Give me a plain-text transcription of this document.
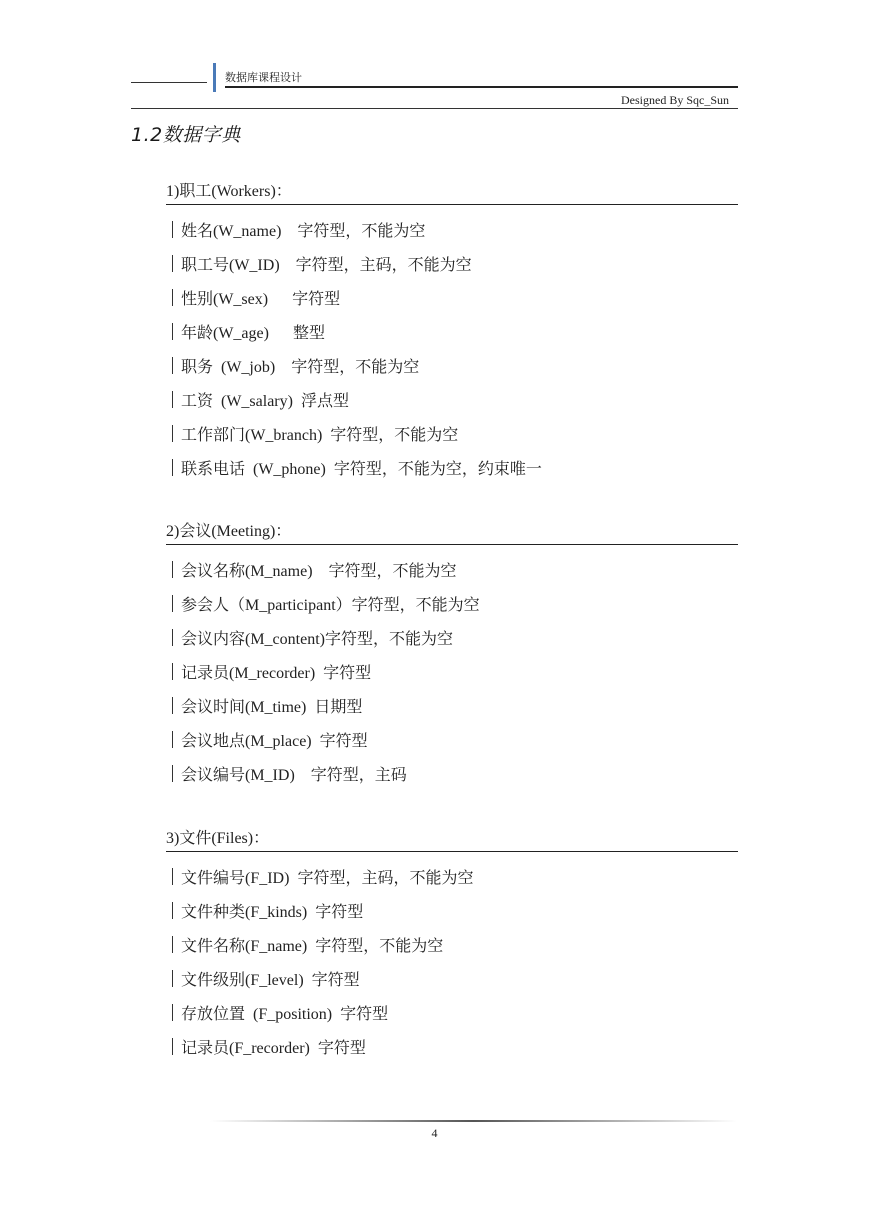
数据库课程设计
Designed By Sqc_Sun
1.2数据字典
1)职工(Workers)：
姓名(W_name)    字符型，不能为空
职工号(W_ID)    字符型，主码，不能为空
性别(W_sex)      字符型
年龄(W_age)      整型
职务  (W_job)    字符型，不能为空
工资  (W_salary)  浮点型
工作部门(W_branch)  字符型，不能为空
联系电话  (W_phone)  字符型，不能为空，约束唯一
2)会议(Meeting)：
会议名称(M_name)    字符型，不能为空
参会人（M_participant）字符型，不能为空
会议内容(M_content)字符型，不能为空
记录员(M_recorder)  字符型
会议时间(M_time)  日期型
会议地点(M_place)  字符型
会议编号(M_ID)    字符型，主码
3)文件(Files)：
文件编号(F_ID)  字符型，主码，不能为空
文件种类(F_kinds)  字符型
文件名称(F_name)  字符型，不能为空
文件级别(F_level)  字符型
存放位置  (F_position)  字符型
记录员(F_recorder)  字符型
4
